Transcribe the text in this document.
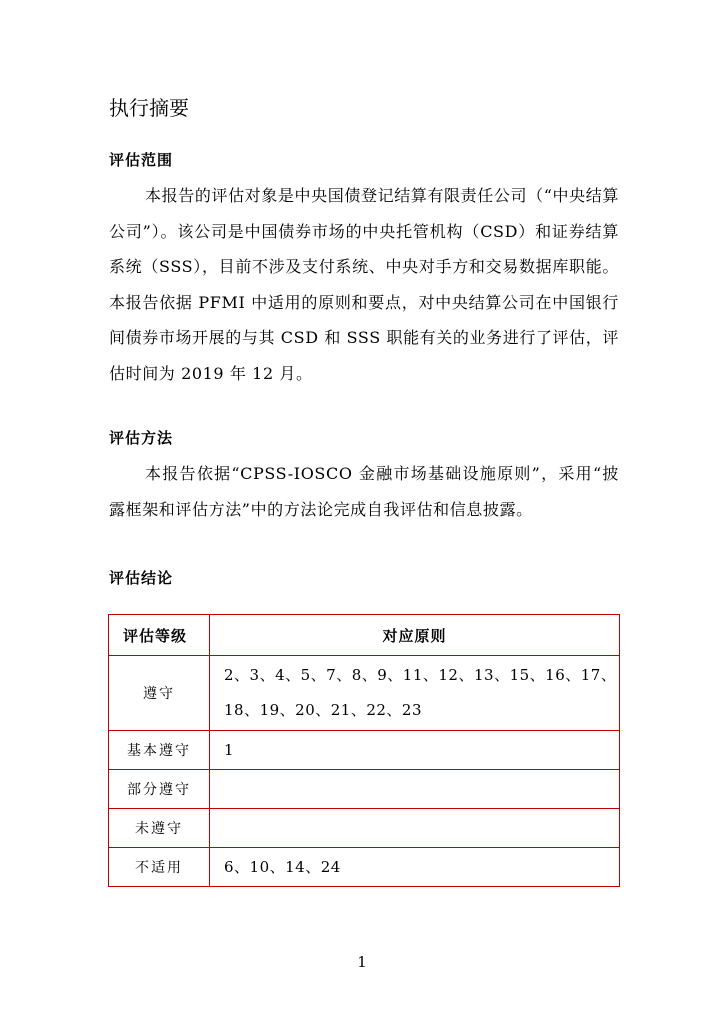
执行摘要
评估范围

本报告的评估对象是中央国债登记结算有限责任公司（“中央结算公司”）。该公司是中国债券市场的中央托管机构（CSD）和证券结算系统（SSS），目前不涉及支付系统、中央对手方和交易数据库职能。本报告依据 PFMI 中适用的原则和要点，对中央结算公司在中国银行间债券市场开展的与其 CSD 和 SSS 职能有关的业务进行了评估，评估时间为 2019 年 12 月。

评估方法

本报告依据“CPSS-IOSCO 金融市场基础设施原则”，采用“披露框架和评估方法”中的方法论完成自我评估和信息披露。

评估结论
评估等级	对应原则
遵守	2、3、4、5、7、8、9、11、12、13、15、16、17、18、19、20、21、22、23
基本遵守	1
部分遵守	
未遵守	
不适用	6、10、14、24
1
